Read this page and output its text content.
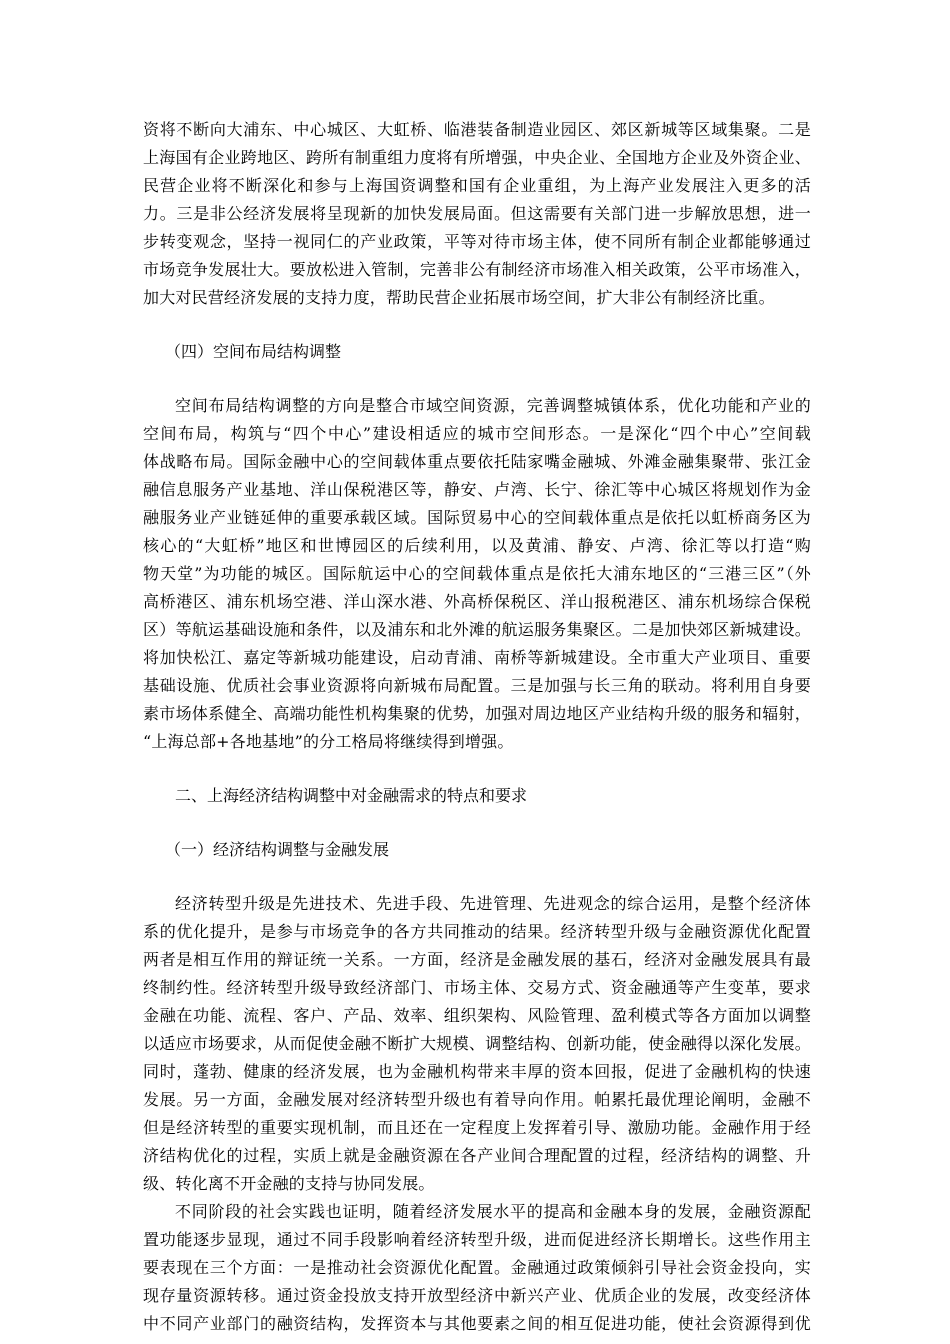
资将不断向大浦东、中心城区、大虹桥、临港装备制造业园区、郊区新城等区域集聚。二是
上海国有企业跨地区、跨所有制重组力度将有所增强，中央企业、全国地方企业及外资企业、
民营企业将不断深化和参与上海国资调整和国有企业重组，为上海产业发展注入更多的活
力。三是非公经济发展将呈现新的加快发展局面。但这需要有关部门进一步解放思想，进一
步转变观念，坚持一视同仁的产业政策，平等对待市场主体，使不同所有制企业都能够通过
市场竞争发展壮大。要放松进入管制，完善非公有制经济市场准入相关政策，公平市场准入，
加大对民营经济发展的支持力度，帮助民营企业拓展市场空间，扩大非公有制经济比重。
（四）空间布局结构调整
空间布局结构调整的方向是整合市域空间资源，完善调整城镇体系，优化功能和产业的
空间布局，构筑与“四个中心”建设相适应的城市空间形态。一是深化“四个中心”空间载
体战略布局。国际金融中心的空间载体重点要依托陆家嘴金融城、外滩金融集聚带、张江金
融信息服务产业基地、洋山保税港区等，静安、卢湾、长宁、徐汇等中心城区将规划作为金
融服务业产业链延伸的重要承载区域。国际贸易中心的空间载体重点是依托以虹桥商务区为
核心的“大虹桥”地区和世博园区的后续利用，以及黄浦、静安、卢湾、徐汇等以打造“购
物天堂”为功能的城区。国际航运中心的空间载体重点是依托大浦东地区的“三港三区”（外
高桥港区、浦东机场空港、洋山深水港、外高桥保税区、洋山报税港区、浦东机场综合保税
区）等航运基础设施和条件，以及浦东和北外滩的航运服务集聚区。二是加快郊区新城建设。
将加快松江、嘉定等新城功能建设，启动青浦、南桥等新城建设。全市重大产业项目、重要
基础设施、优质社会事业资源将向新城布局配置。三是加强与长三角的联动。将利用自身要
素市场体系健全、高端功能性机构集聚的优势，加强对周边地区产业结构升级的服务和辐射，
“上海总部+各地基地”的分工格局将继续得到增强。
二、上海经济结构调整中对金融需求的特点和要求
（一）经济结构调整与金融发展
经济转型升级是先进技术、先进手段、先进管理、先进观念的综合运用，是整个经济体
系的优化提升，是参与市场竞争的各方共同推动的结果。经济转型升级与金融资源优化配置
两者是相互作用的辩证统一关系。一方面，经济是金融发展的基石，经济对金融发展具有最
终制约性。经济转型升级导致经济部门、市场主体、交易方式、资金融通等产生变革，要求
金融在功能、流程、客户、产品、效率、组织架构、风险管理、盈利模式等各方面加以调整
以适应市场要求，从而促使金融不断扩大规模、调整结构、创新功能，使金融得以深化发展。
同时，蓬勃、健康的经济发展，也为金融机构带来丰厚的资本回报，促进了金融机构的快速
发展。另一方面，金融发展对经济转型升级也有着导向作用。帕累托最优理论阐明，金融不
但是经济转型的重要实现机制，而且还在一定程度上发挥着引导、激励功能。金融作用于经
济结构优化的过程，实质上就是金融资源在各产业间合理配置的过程，经济结构的调整、升
级、转化离不开金融的支持与协同发展。
不同阶段的社会实践也证明，随着经济发展水平的提高和金融本身的发展，金融资源配
置功能逐步显现，通过不同手段影响着经济转型升级，进而促进经济长期增长。这些作用主
要表现在三个方面：一是推动社会资源优化配置。金融通过政策倾斜引导社会资金投向，实
现存量资源转移。通过资金投放支持开放型经济中新兴产业、优质企业的发展，改变经济体
中不同产业部门的融资结构，发挥资本与其他要素之间的相互促进功能，使社会资源得到优
